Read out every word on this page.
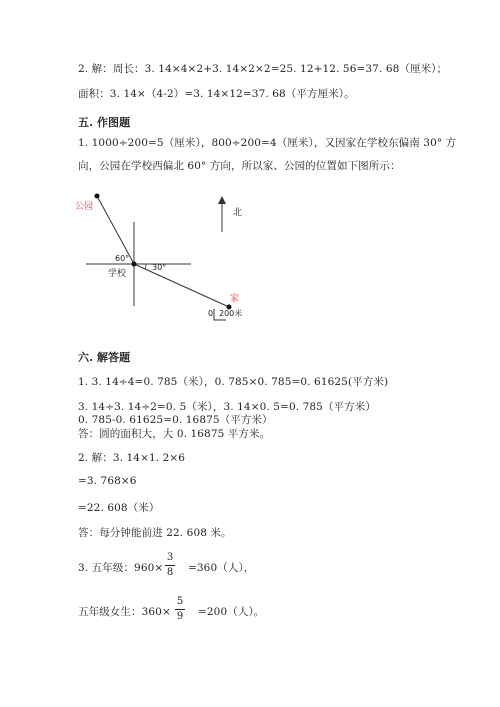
2. 解：周长：3. 14×4×2+3. 14×2×2=25. 12+12. 56=37. 68（厘米）；
面积：3. 14×（4-2）=3. 14×12=37. 68（平方厘米）。
五. 作图题
1. 1000÷200=5（厘米），800÷200=4（厘米），又因家在学校东偏南 30° 方
向，公园在学校西偏北 60° 方向，所以家、公园的位置如下图所示：
公园
学校
家
60°
30°
北
0 200米
六. 解答题
1. 3. 14÷4=0. 785（米），0. 785×0. 785=0. 61625(平方米)
3. 14÷3. 14÷2=0. 5（米），3. 14×0. 5=0. 785（平方米）
0. 785-0. 61625=0. 16875（平方米）
答：圆的面积大，大 0. 16875 平方米。
2. 解：3. 14×1. 2×6
=3. 768×6
=22. 608（米）
答：每分钟能前进 22. 608 米。
3. 五年级：960×
3
8	=360（人），
五年级女生：360×
5
9	=200（人）。
